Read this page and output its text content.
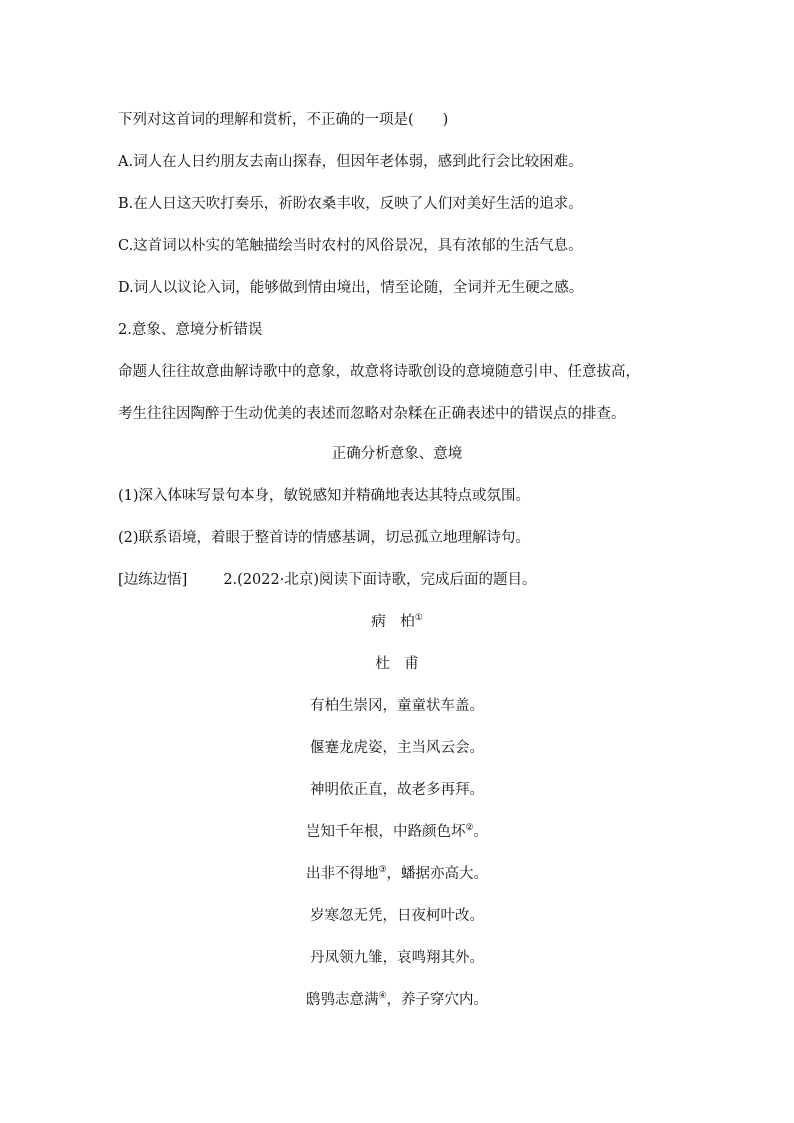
下列对这首词的理解和赏析，不正确的一项是(　　)
A.词人在人日约朋友去南山探春，但因年老体弱，感到此行会比较困难。
B.在人日这天吹打奏乐，祈盼农桑丰收，反映了人们对美好生活的追求。
C.这首词以朴实的笔触描绘当时农村的风俗景况，具有浓郁的生活气息。
D.词人以议论入词，能够做到情由境出，情至论随，全词并无生硬之感。
2.意象、意境分析错误
命题人往往故意曲解诗歌中的意象，故意将诗歌创设的意境随意引申、任意拔高，
考生往往因陶醉于生动优美的表述而忽略对杂糅在正确表述中的错误点的排查。
正确分析意象、意境
(1)深入体味写景句本身，敏锐感知并精确地表达其特点或氛围。
(2)联系语境，着眼于整首诗的情感基调，切忌孤立地理解诗句。
[边练边悟] 2.(2022·北京)阅读下面诗歌，完成后面的题目。
病　柏①
杜　甫
有柏生崇冈，童童状车盖。
偃蹇龙虎姿，主当风云会。
神明依正直，故老多再拜。
岂知千年根，中路颜色坏②。
出非不得地③，蟠据亦高大。
岁寒忽无凭，日夜柯叶改。
丹凤领九雏，哀鸣翔其外。
鸱鸮志意满④，养子穿穴内。
